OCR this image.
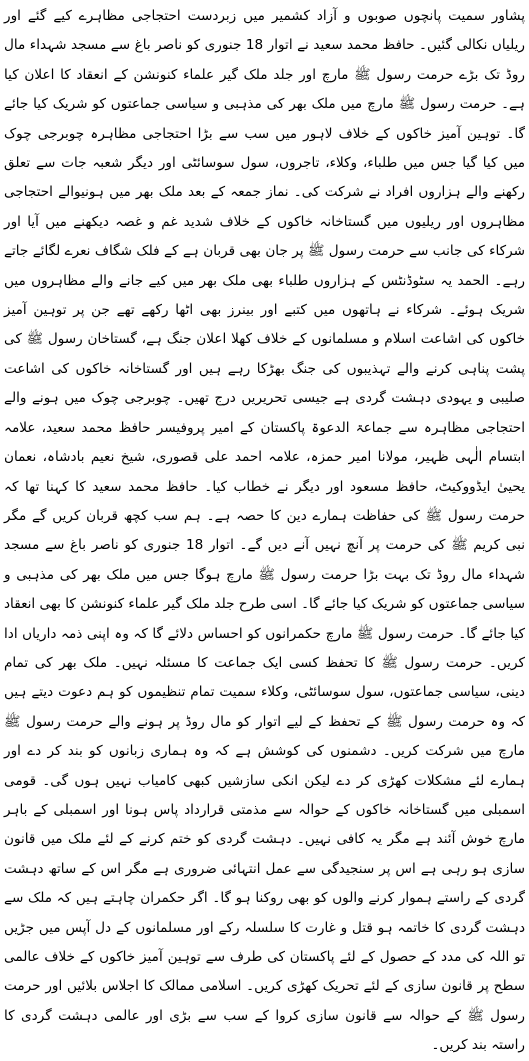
پشاور سمیت پانچوں صوبوں و آزاد کشمیر میں زبردست احتجاجی مظاہرے کیے گئے اور ریلیاں نکالی گئیں۔ حافظ محمد سعید نے اتوار 18 جنوری کو ناصر باغ سے مسجد شہداء مال روڈ تک بڑے حرمت رسول ﷺ مارچ اور جلد ملک گیر علماء کنونشن کے انعقاد کا اعلان کیا ہے۔ حرمت رسول ﷺ مارچ میں ملک بھر کی مذہبی و سیاسی جماعتوں کو شریک کیا جائے گا۔ توہین آمیز خاکوں کے خلاف لاہور میں سب سے بڑا احتجاجی مظاہرہ چوبرجی چوک میں کیا گیا جس میں طلباء، وکلاء، تاجروں، سول سوسائٹی اور دیگر شعبہ جات سے تعلق رکھنے والے ہزاروں افراد نے شرکت کی۔ نماز جمعہ کے بعد ملک بھر میں ہونیوالے احتجاجی مظاہروں اور ریلیوں میں گستاخانہ خاکوں کے خلاف شدید غم و غصہ دیکھنے میں آیا اور شرکاء کی جانب سے حرمت رسول ﷺ پر جان بھی قربان ہے کے فلک شگاف نعرے لگائے جاتے رہے۔ الحمد یہ سٹوڈنٹس کے ہزاروں طلباء بھی ملک بھر میں کیے جانے والے مظاہروں میں شریک ہوئے۔ شرکاء نے ہاتھوں میں کتبے اور بینرز بھی اٹھا رکھے تھے جن پر توہین آمیز خاکوں کی اشاعت اسلام و مسلمانوں کے خلاف کھلا اعلان جنگ ہے، گستاخان رسول ﷺ کی پشت پناہی کرنے والے تہذیبوں کی جنگ بھڑکا رہے ہیں اور گستاخانہ خاکوں کی اشاعت صلیبی و یہودی دہشت گردی ہے جیسی تحریریں درج تھیں۔ چوبرجی چوک میں ہونے والے احتجاجی مظاہرہ سے جماعۃ الدعوۃ پاکستان کے امیر پروفیسر حافظ محمد سعید، علامہ ابتسام الٰہی ظہیر، مولانا امیر حمزہ، علامہ احمد علی قصوری، شیخ نعیم بادشاہ، نعمان یحییٰ ایڈووکیٹ، حافظ مسعود اور دیگر نے خطاب کیا۔ حافظ محمد سعید کا کہنا تھا کہ حرمت رسول ﷺ کی حفاظت ہمارے دین کا حصہ ہے۔ ہم سب کچھ قربان کریں گے مگر نبی کریم ﷺ کی حرمت پر آنچ نہیں آنے دیں گے۔ اتوار 18 جنوری کو ناصر باغ سے مسجد شہداء مال روڈ تک بہت بڑا حرمت رسول ﷺ مارچ ہوگا جس میں ملک بھر کی مذہبی و سیاسی جماعتوں کو شریک کیا جائے گا۔ اسی طرح جلد ملک گیر علماء کنونشن کا بھی انعقاد کیا جائے گا۔ حرمت رسول ﷺ مارچ حکمرانوں کو احساس دلائے گا کہ وہ اپنی ذمہ داریاں ادا کریں۔ حرمت رسول ﷺ کا تحفظ کسی ایک جماعت کا مسئلہ نہیں۔ ملک بھر کی تمام دینی، سیاسی جماعتوں، سول سوسائٹی، وکلاء سمیت تمام تنظیموں کو ہم دعوت دیتے ہیں کہ وہ حرمت رسول ﷺ کے تحفظ کے لیے اتوار کو مال روڈ پر ہونے والے حرمت رسول ﷺ مارچ میں شرکت کریں۔ دشمنوں کی کوشش ہے کہ وہ ہماری زبانوں کو بند کر دے اور ہمارے لئے مشکلات کھڑی کر دے لیکن انکی سازشیں کبھی کامیاب نہیں ہوں گی۔ قومی اسمبلی میں گستاخانہ خاکوں کے حوالہ سے مذمتی قرارداد پاس ہونا اور اسمبلی کے باہر مارچ خوش آئند ہے مگر یہ کافی نہیں۔ دہشت گردی کو ختم کرنے کے لئے ملک میں قانون سازی ہو رہی ہے اس پر سنجیدگی سے عمل انتہائی ضروری ہے مگر اس کے ساتھ دہشت گردی کے راستے ہموار کرنے والوں کو بھی روکنا ہو گا۔ اگر حکمران چاہتے ہیں کہ ملک سے دہشت گردی کا خاتمہ ہو قتل و غارت کا سلسلہ رکے اور مسلمانوں کے دل آپس میں جڑیں تو اللہ کی مدد کے حصول کے لئے پاکستان کی طرف سے توہین آمیز خاکوں کے خلاف عالمی سطح پر قانون سازی کے لئے تحریک کھڑی کریں۔ اسلامی ممالک کا اجلاس بلائیں اور حرمت رسول ﷺ کے حوالہ سے قانون سازی کروا کے سب سے بڑی اور عالمی دہشت گردی کا راستہ بند کریں۔
